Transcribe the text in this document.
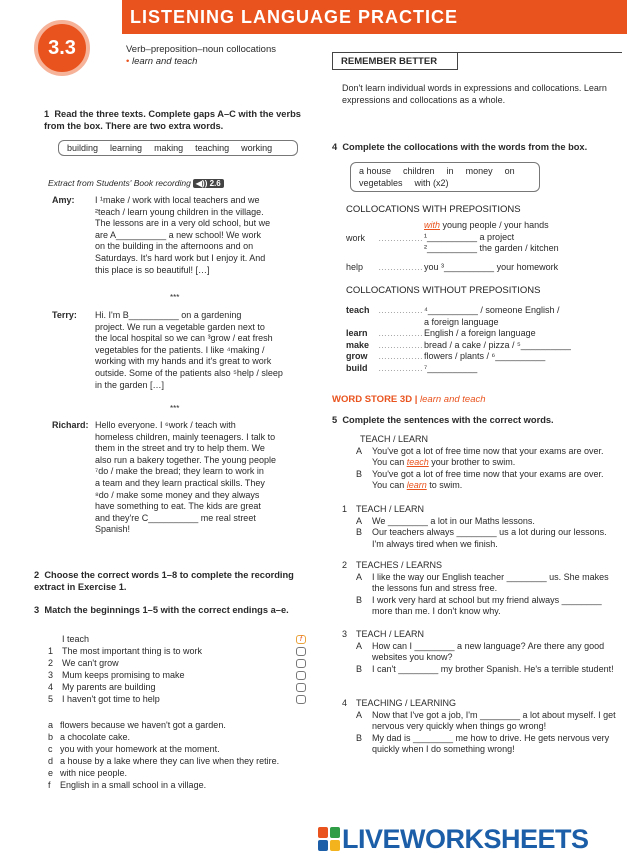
LISTENING LANGUAGE PRACTICE
3.3	Verb–preposition–noun collocations
• learn and teach	REMEMBER BETTER
Don't learn individual words in expressions and collocations. Learn expressions and collocations as a whole.
1 Read the three texts. Complete gaps A–C with the verbs from the box. There are two extra words.
building learning making teaching working
Extract from Students' Book recording ◀)) 2.6
Amy: I ¹make / work with local teachers and we
²teach / learn young children in the village.
The lessons are in a very old school, but we
are A__________ a new school! We work
on the building in the afternoons and on
Saturdays. It's hard work but I enjoy it. And
this place is so beautiful! […]
***
Terry: Hi. I'm B__________ on a gardening
project. We run a vegetable garden next to
the local hospital so we can ³grow / eat fresh
vegetables for the patients. I like ⁴making /
working with my hands and it's great to work
outside. Some of the patients also ⁵help / sleep
in the garden […]
***
Richard: Hello everyone. I ⁶work / teach with
homeless children, mainly teenagers. I talk to
them in the street and try to help them. We
also run a bakery together. The young people
⁷do / make the bread; they learn to work in
a team and they learn practical skills. They
⁸do / make some money and they always
have something to eat. The kids are great
and they're C__________ me real street
Spanish!
2 Choose the correct words 1–8 to complete the recording extract in Exercise 1.
3 Match the beginnings 1–5 with the correct endings a–e.
I teach
1 The most important thing is to work
2 We can't grow
3 Mum keeps promising to make
4 My parents are building
5 I haven't got time to help
f
a flowers because we haven't got a garden.
b a chocolate cake.
c you with your homework at the moment.
d a house by a lake where they can live when they retire.
e with nice people.
f English in a small school in a village.
4 Complete the collocations with the words from the box.
a house children in money on
vegetables with (x2)
COLLOCATIONS WITH PREPOSITIONS
work ……………
with young people / your hands
¹__________ a project
²__________ the garden / kitchen
help …………… you ³__________ your homework
COLLOCATIONS WITHOUT PREPOSITIONS
teach ……………⁴__________ / someone English /
a foreign language
learn ……………English / a foreign language
make ……………bread / a cake / pizza / ⁵__________
grow ……………flowers / plants / ⁶__________
build ……………⁷__________
WORD STORE 3D | learn and teach
5 Complete the sentences with the correct words.
TEACH / LEARN
A	You've got a lot of free time now that your exams are over. You can teach your brother to swim.
B	You've got a lot of free time now that your exams are over. You can learn to swim.
1 TEACH / LEARN
A	We ________ a lot in our Maths lessons.
B	Our teachers always ________ us a lot during our lessons. I'm always tired when we finish.
2 TEACHES / LEARNS
A	I like the way our English teacher ________ us. She makes the lessons fun and stress free.
B	I work very hard at school but my friend always ________ more than me. I don't know why.
3 TEACH / LEARN
A	How can I ________ a new language? Are there any good websites you know?
B	I can't ________ my brother Spanish. He's a terrible student!
4 TEACHING / LEARNING
A	Now that I've got a job, I'm ________ a lot about myself. I get nervous very quickly when things go wrong!
B	My dad is ________ me how to drive. He gets nervous very quickly when I do something wrong!
LIVEWORKSHEETS
